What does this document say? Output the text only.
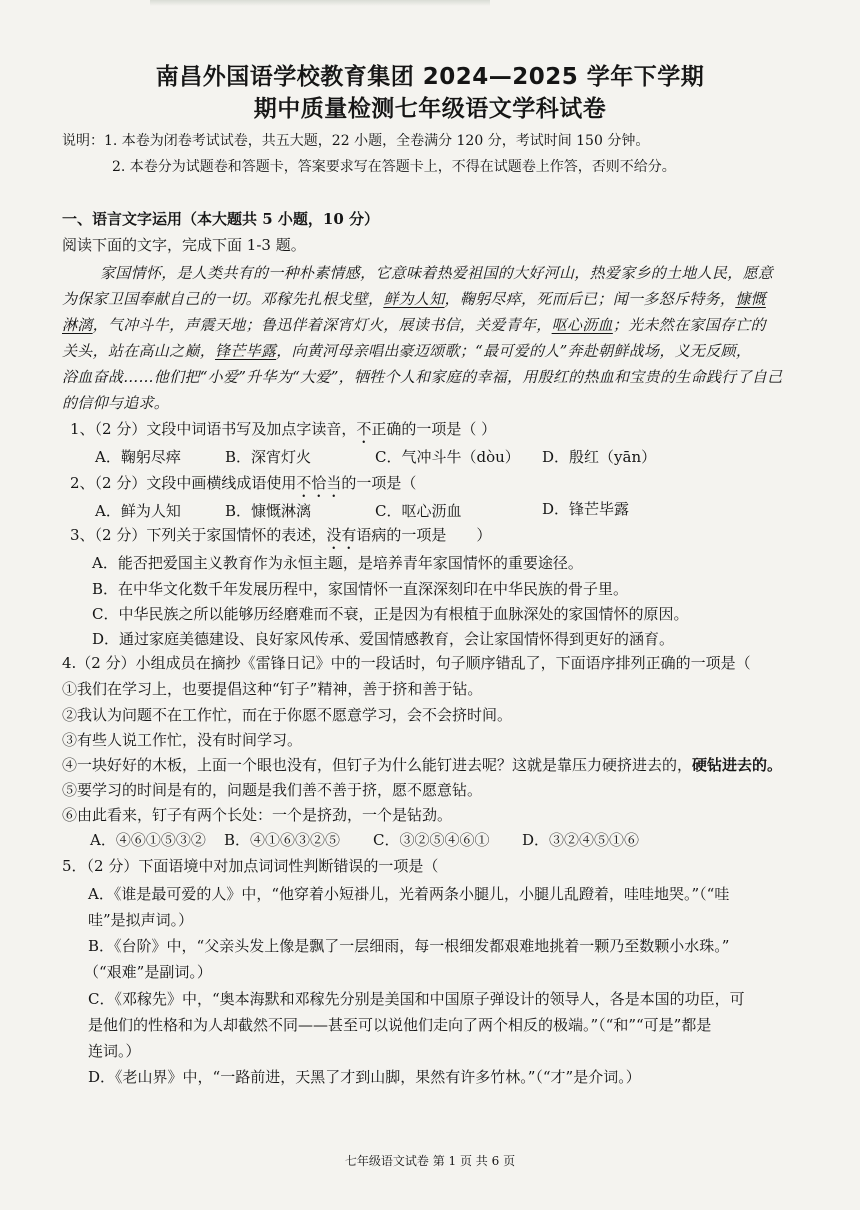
南昌外国语学校教育集团 2024—2025 学年下学期
期中质量检测七年级语文学科试卷
说明：1. 本卷为闭卷考试试卷，共五大题，22 小题，全卷满分 120 分，考试时间 150 分钟。
2. 本卷分为试题卷和答题卡，答案要求写在答题卡上，不得在试题卷上作答，否则不给分。
一、语言文字运用（本大题共 5 小题，10 分）
阅读下面的文字，完成下面 1-3 题。
家国情怀，是人类共有的一种朴素情感，它意味着热爱祖国的大好河山，热爱家乡的土地人民，愿意
为保家卫国奉献自己的一切。邓稼先扎根戈壁，鲜为人知，鞠躬尽瘁，死而后已；闻一多怒斥特务，慷慨
淋漓，气冲斗牛，声震天地；鲁迅伴着深宵灯火，展读书信，关爱青年，呕心沥血；光未然在家国存亡的
关头，站在高山之巅，锋芒毕露，向黄河母亲唱出豪迈颂歌；“最可爱的人”奔赴朝鲜战场，义无反顾，
浴血奋战……他们把“小爱”升华为“大爱”，牺牲个人和家庭的幸福，用殷红的热血和宝贵的生命践行了自己
的信仰与追求。
1、（2 分）文段中词语书写及加点字读音，不正确的一项是（ ）
A．鞠躬尽瘁	B．深宵灯火	C．气冲斗牛（dòu） D．殷红（yān）
2、（2 分）文段中画横线成语使用不恰当的一项是（
A．鲜为人知	B．慷慨淋漓	C．呕心沥血	D．锋芒毕露
3、（2 分）下列关于家国情怀的表述，没有语病的一项是 ）
A．能否把爱国主义教育作为永恒主题，是培养青年家国情怀的重要途径。
B．在中华文化数千年发展历程中，家国情怀一直深深刻印在中华民族的骨子里。
C．中华民族之所以能够历经磨难而不衰，正是因为有根植于血脉深处的家国情怀的原因。
D．通过家庭美德建设、良好家风传承、爱国情感教育，会让家国情怀得到更好的涵育。
4.（2 分）小组成员在摘抄《雷锋日记》中的一段话时，句子顺序错乱了，下面语序排列正确的一项是（
①我们在学习上，也要提倡这种“钉子”精神，善于挤和善于钻。
②我认为问题不在工作忙，而在于你愿不愿意学习，会不会挤时间。
③有些人说工作忙，没有时间学习。
④一块好好的木板，上面一个眼也没有，但钉子为什么能钉进去呢？这就是靠压力硬挤进去的，硬钻进去的。
⑤要学习的时间是有的，问题是我们善不善于挤，愿不愿意钻。
⑥由此看来，钉子有两个长处：一个是挤劲，一个是钻劲。
A．④⑥①⑤③② B．④①⑥③②⑤ C．③②⑤④⑥① D．③②④⑤①⑥
5．（2 分）下面语境中对加点词词性判断错误的一项是（
A．《谁是最可爱的人》中，“他穿着小短褂儿，光着两条小腿儿，小腿儿乱蹬着，哇哇地哭。”（“哇
哇”是拟声词。）
B．《台阶》中，“父亲头发上像是飘了一层细雨，每一根细发都艰难地挑着一颗乃至数颗小水珠。”
（“艰难”是副词。）
C．《邓稼先》中，“奥本海默和邓稼先分别是美国和中国原子弹设计的领导人，各是本国的功臣，可
是他们的性格和为人却截然不同——甚至可以说他们走向了两个相反的极端。”（“和”“可是”都是
连词。）
D．《老山界》中，“一路前进，天黑了才到山脚，果然有许多竹林。”（“才”是介词。）
七年级语文试卷 第 1 页 共 6 页
